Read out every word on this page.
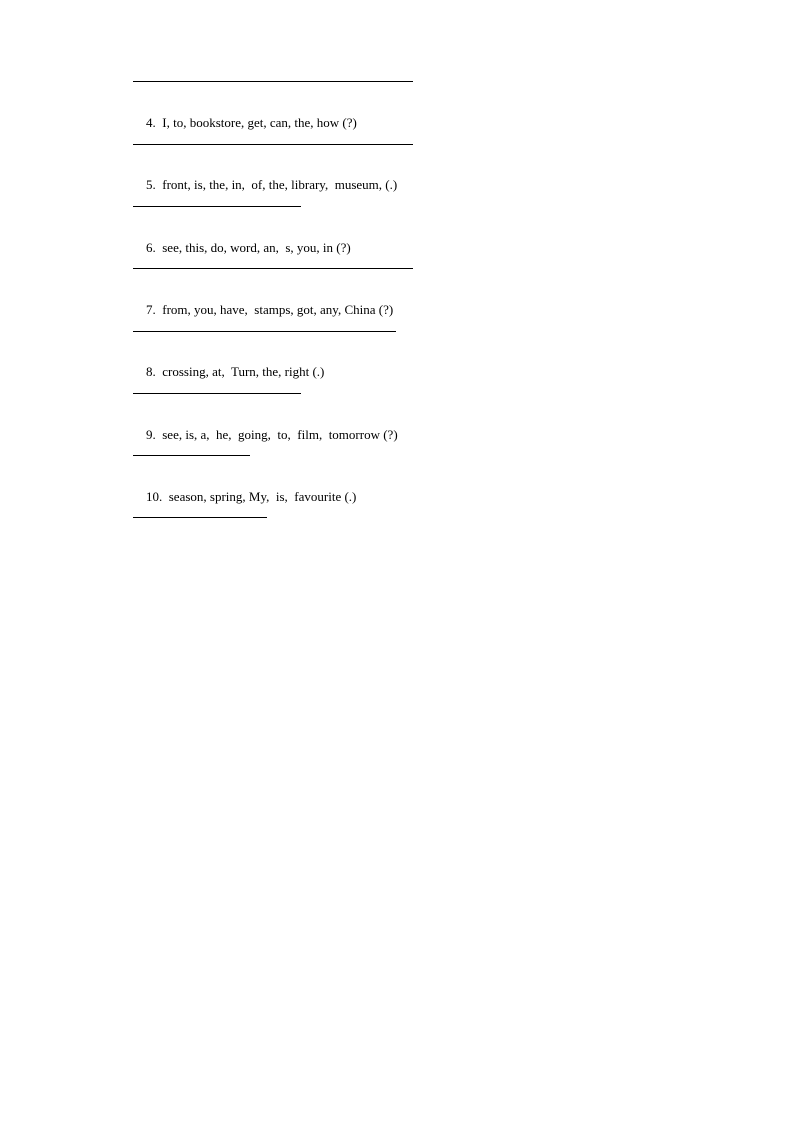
4.  I, to, bookstore, get, can, the, how (?)

5.  front, is, the, in,  of, the, library,  museum, (.)

6.  see, this, do, word, an,  s, you, in (?)

7.  from, you, have,  stamps, got, any, China (?)

8.  crossing, at,  Turn, the, right (.)

9.  see, is, a,  he,  going,  to,  film,  tomorrow (?)

10.  season, spring, My,  is,  favourite (.)
